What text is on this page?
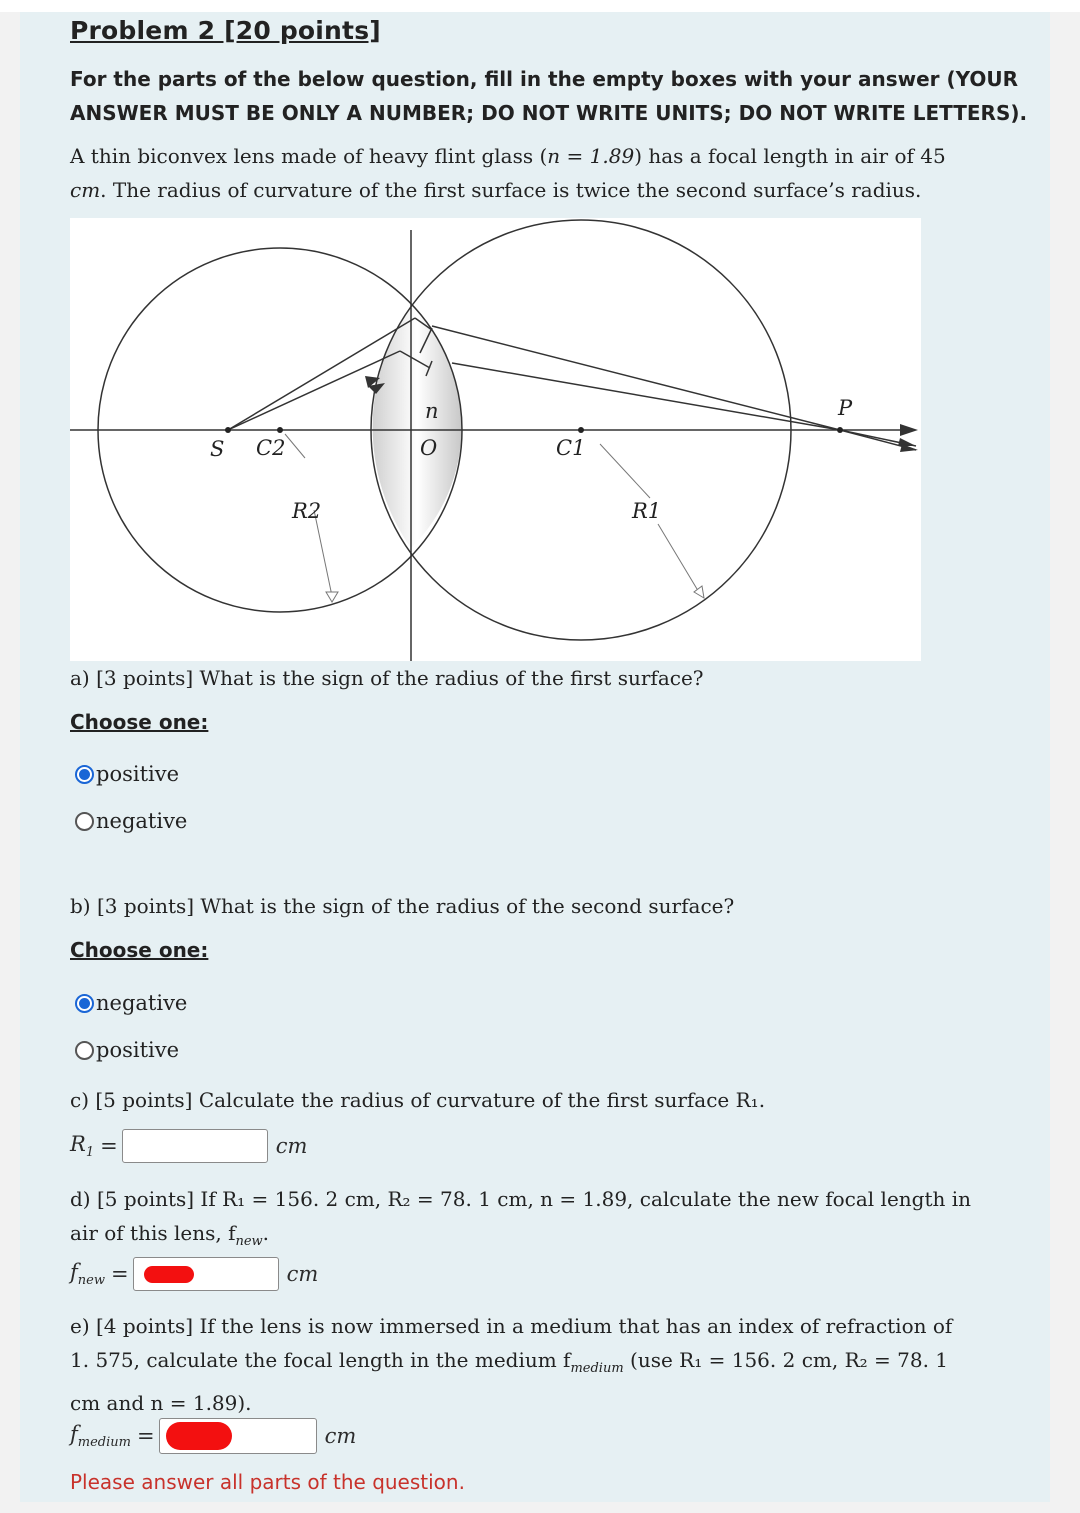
Problem 2 [20 points]
For the parts of the below question, fill in the empty boxes with your answer (YOUR ANSWER MUST BE ONLY A NUMBER; DO NOT WRITE UNITS; DO NOT WRITE LETTERS).
A thin biconvex lens made of heavy flint glass (n = 1.89) has a focal length in air of 45
cm. The radius of curvature of the first surface is twice the second surface’s radius.
S C2
n
O	C1
R2	R1
P
a) [3 points] What is the sign of the radius of the first surface?
Choose one:
positive
negative
b) [3 points] What is the sign of the radius of the second surface?
Choose one:
negative
positive
c) [5 points] Calculate the radius of curvature of the first surface R₁.
$R_1$ =	cm
d) [5 points] If R₁ = 156. 2 cm, R₂ = 78. 1 cm, n = 1.89, calculate the new focal length in
air of this lens, $f_{new}$.
$f_{new}$ =	cm
e) [4 points] If the lens is now immersed in a medium that has an index of refraction of
1. 575, calculate the focal length in the medium $f_{medium}$ (use R₁ = 156. 2 cm, R₂ = 78. 1
cm and n = 1.89).
$f_{medium}$ =	cm
Please answer all parts of the question.
